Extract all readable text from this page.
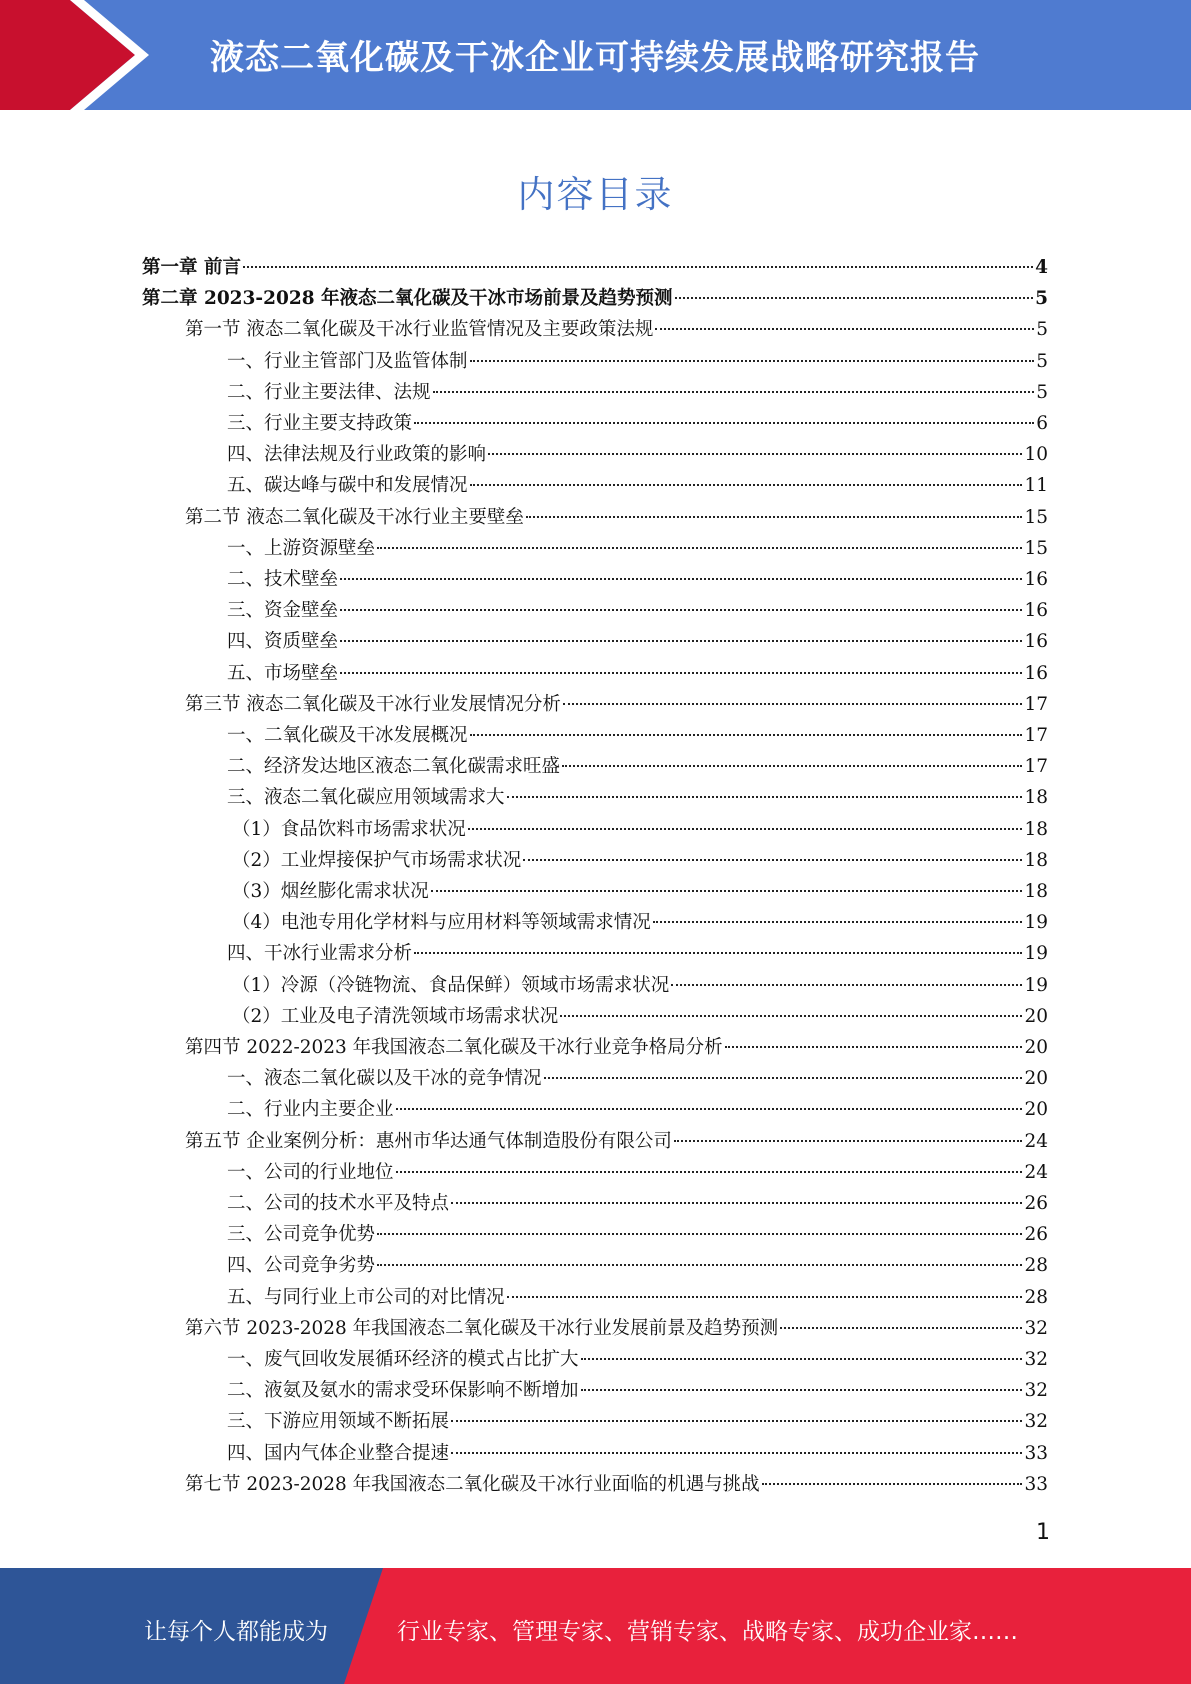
液态二氧化碳及干冰企业可持续发展战略研究报告
内容目录
第一章 前言	4
第二章 2023-2028 年液态二氧化碳及干冰市场前景及趋势预测	5
第一节 液态二氧化碳及干冰行业监管情况及主要政策法规	5
一、行业主管部门及监管体制	5
二、行业主要法律、法规	5
三、行业主要支持政策	6
四、法律法规及行业政策的影响	10
五、碳达峰与碳中和发展情况	11
第二节 液态二氧化碳及干冰行业主要壁垒	15
一、上游资源壁垒	15
二、技术壁垒	16
三、资金壁垒	16
四、资质壁垒	16
五、市场壁垒	16
第三节 液态二氧化碳及干冰行业发展情况分析	17
一、二氧化碳及干冰发展概况	17
二、经济发达地区液态二氧化碳需求旺盛	17
三、液态二氧化碳应用领域需求大	18
（1）食品饮料市场需求状况	18
（2）工业焊接保护气市场需求状况	18
（3）烟丝膨化需求状况	18
（4）电池专用化学材料与应用材料等领域需求情况	19
四、干冰行业需求分析	19
（1）冷源（冷链物流、食品保鲜）领域市场需求状况	19
（2）工业及电子清洗领域市场需求状况	20
第四节 2022-2023 年我国液态二氧化碳及干冰行业竞争格局分析	20
一、液态二氧化碳以及干冰的竞争情况	20
二、行业内主要企业	20
第五节 企业案例分析：惠州市华达通气体制造股份有限公司	24
一、公司的行业地位	24
二、公司的技术水平及特点	26
三、公司竞争优势	26
四、公司竞争劣势	28
五、与同行业上市公司的对比情况	28
第六节 2023-2028 年我国液态二氧化碳及干冰行业发展前景及趋势预测	32
一、废气回收发展循环经济的模式占比扩大	32
二、液氨及氨水的需求受环保影响不断增加	32
三、下游应用领域不断拓展	32
四、国内气体企业整合提速	33
第七节 2023-2028 年我国液态二氧化碳及干冰行业面临的机遇与挑战	33
1
让每个人都能成为	行业专家、管理专家、营销专家、战略专家、成功企业家……
